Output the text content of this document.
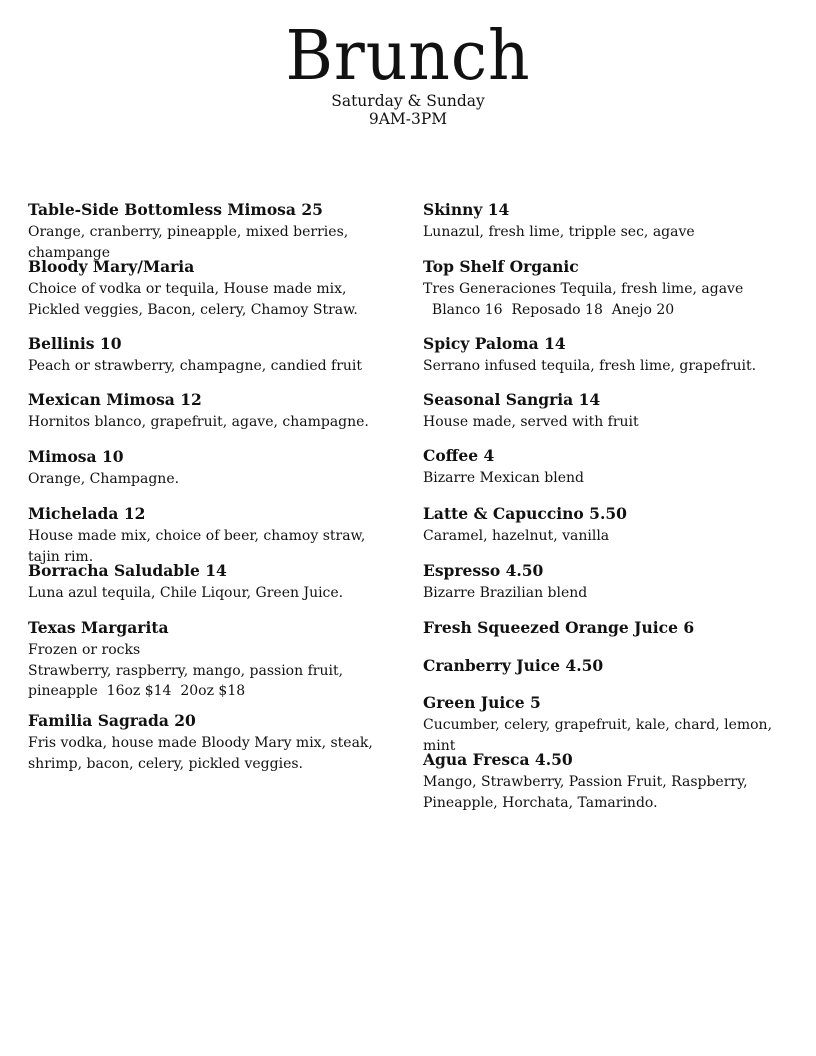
Brunch
Saturday & Sunday
9AM-3PM
Table-Side Bottomless Mimosa 25

Orange, cranberry, pineapple, mixed berries,

champange

Bloody Mary/Maria

Choice of vodka or tequila, House made mix,

Pickled veggies, Bacon, celery, Chamoy Straw.

Bellinis 10

Peach or strawberry, champagne, candied fruit

Mexican Mimosa 12

Hornitos blanco, grapefruit, agave, champagne.

Mimosa 10

Orange, Champagne.

Michelada 12

House made mix, choice of beer, chamoy straw,

tajin rim.

Borracha Saludable 14

Luna azul tequila, Chile Liqour, Green Juice.

Texas Margarita

Frozen or rocks

Strawberry, raspberry, mango, passion fruit,

pineapple  16oz $14  20oz $18

Familia Sagrada 20

Fris vodka, house made Bloody Mary mix, steak,

shrimp, bacon, celery, pickled veggies.

Skinny 14

Lunazul, fresh lime, tripple sec, agave

Top Shelf Organic

Tres Generaciones Tequila, fresh lime, agave

Blanco 16  Reposado 18  Anejo 20

Spicy Paloma 14

Serrano infused tequila, fresh lime, grapefruit.

Seasonal Sangria 14

House made, served with fruit

Coffee 4

Bizarre Mexican blend

Latte & Capuccino 5.50

Caramel, hazelnut, vanilla

Espresso 4.50

Bizarre Brazilian blend

Fresh Squeezed Orange Juice 6
Cranberry Juice 4.50
Green Juice 5

Cucumber, celery, grapefruit, kale, chard, lemon,

mint

Agua Fresca 4.50

Mango, Strawberry, Passion Fruit, Raspberry,

Pineapple, Horchata, Tamarindo.
